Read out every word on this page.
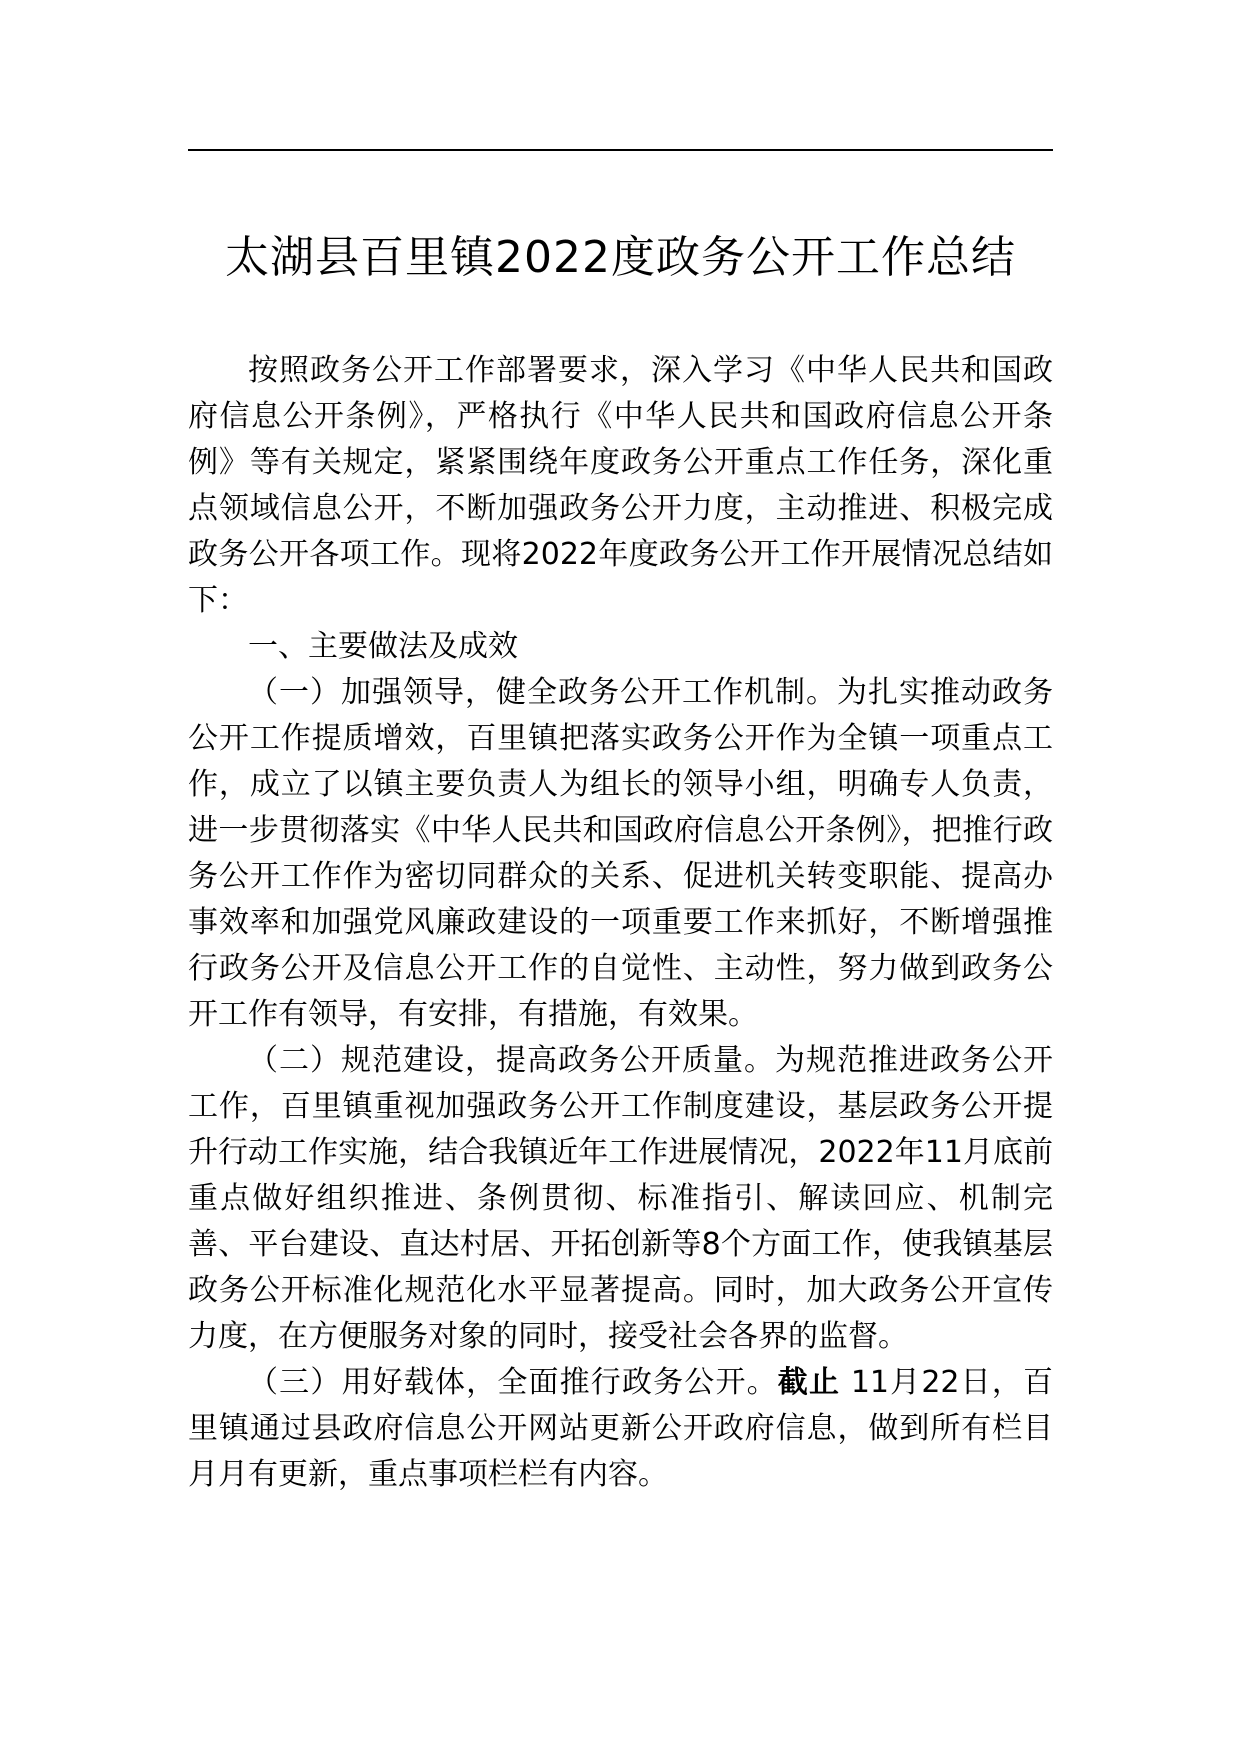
太湖县百里镇2022度政务公开工作总结

按照政务公开工作部署要求，深入学习《中华人民共和国政府信息公开条例》，严格执行《中华人民共和国政府信息公开条例》等有关规定，紧紧围绕年度政务公开重点工作任务，深化重点领域信息公开，不断加强政务公开力度，主动推进、积极完成政务公开各项工作。现将2022年度政务公开工作开展情况总结如下：

一、主要做法及成效

（一）加强领导，健全政务公开工作机制。为扎实推动政务公开工作提质增效，百里镇把落实政务公开作为全镇一项重点工作，成立了以镇主要负责人为组长的领导小组，明确专人负责，进一步贯彻落实《中华人民共和国政府信息公开条例》，把推行政务公开工作作为密切同群众的关系、促进机关转变职能、提高办事效率和加强党风廉政建设的一项重要工作来抓好，不断增强推行政务公开及信息公开工作的自觉性、主动性，努力做到政务公开工作有领导，有安排，有措施，有效果。

（二）规范建设，提高政务公开质量。为规范推进政务公开工作，百里镇重视加强政务公开工作制度建设，基层政务公开提升行动工作实施，结合我镇近年工作进展情况，2022年11月底前重点做好组织推进、条例贯彻、标准指引、解读回应、机制完善、平台建设、直达村居、开拓创新等8个方面工作，使我镇基层政务公开标准化规范化水平显著提高。同时，加大政务公开宣传力度，在方便服务对象的同时，接受社会各界的监督。

（三）用好载体，全面推行政务公开。截止 11月22日，百里镇通过县政府信息公开网站更新公开政府信息，做到所有栏目月月有更新，重点事项栏栏有内容。
